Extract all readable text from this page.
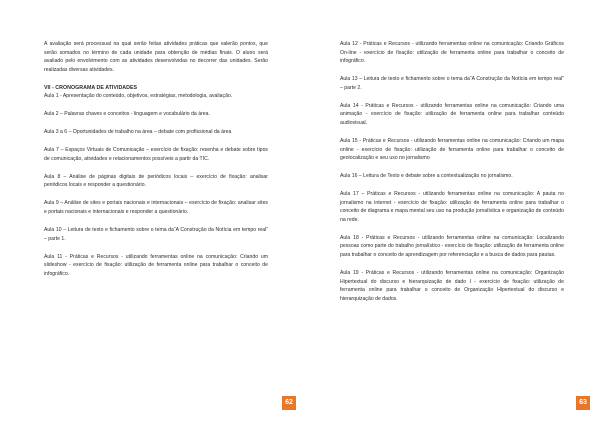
A avaliação será processual na qual serão feitas atividades práticas que valerão pontos, que serão somados no término de cada unidade para obtenção de médias finais. O aluno será avaliado pelo envolvimento com as atividades desenvolvidas no decorrer das unidades. Serão realizadas diversas atividades.

VII - CRONOGRAMA DE ATIVIDADES

Aula 1 - Apresentação do conteúdo, objetivos, estratégias, metodologia, avaliação.

Aula 2 – Palavras chaves e conceitos - linguagem e vocabulário da área.

Aula 3 a 6 – Oportunidades de trabalho na área – debate com profissional da área

Aula 7 – Espaços Virtuais de Comunicação – exercício de fixação: resenha e debate sobre tipos de comunicação, atividades e relacionamentos possíveis a partir da TIC.

Aula 8 – Análise de páginas digitais de periódicos locais – exercício de fixação: analisar periódicos locais e responder a questionário.

Aula 9 – Análise de sites e portais nacionais e internacionais – exercício de fixação: analisar sites e portais nacionais e internacionais e responder a questionário.

Aula 10 – Leitura de texto e fichamento sobre o tema da“A Construção da Notícia em tempo real” – parte 1.

Aula 11 - Práticas e Recursos - utilizando ferramentas online na comunicação: Criando um slideshow - exercício de fixação: utilização de ferramenta online para trabalhar o conceito de infográfico.

62

Aula 12 - Práticas e Recursos - utilizando ferramentas online na comunicação: Criando Gráficos On-line - exercício de fixação: utilização de ferramenta online para trabalhar o conceito de infográfico.

Aula 13 – Leitura de texto e fichamento sobre o tema da“A Construção da Notícia em tempo real” – parte 2.

Aula 14 - Práticas e Recursos - utilizando ferramentas online na comunicação: Criando uma animação - exercício de fixação: utilização de ferramenta online para trabalhar conteúdo audiovisual.

Aula 15 - Práticas e Recursos - utilizando ferramentas online na comunicação: Criando um mapa online - exercício de fixação: utilização de ferramenta online para trabalhar o conceito de geolocalização e seu uso no jornalismo

Aula 16 – Leitura de Texto e debate sobre a contextualização no jornalismo.

Aula 17 – Práticas e Recursos - utilizando ferramentas online na comunicação: A pauta no jornalismo na internet - exercício de fixação: utilização de ferramenta online para trabalhar o conceito de diagrama e mapa mental seu uso na produção jornalística e organização de conteúdo na rede.

Aula 18 - Práticas e Recursos - utilizando ferramentas online na comunicação: Localizando pessoas como parte do trabalho jornalístico - exercício de fixação: utilização de ferramenta online para trabalhar o conceito de aprendizagem por referenciação e a busca de dados para pautas.

Aula 19 - Práticas e Recursos - utilizando ferramentas online na comunicação: Organização Hipertextual do discurso e hierarquização de dado I - exercício de fixação: utilização de ferramenta online para trabalhar o conceito de Organização Hipertextual do discurso e hierarquização de dados.

63
